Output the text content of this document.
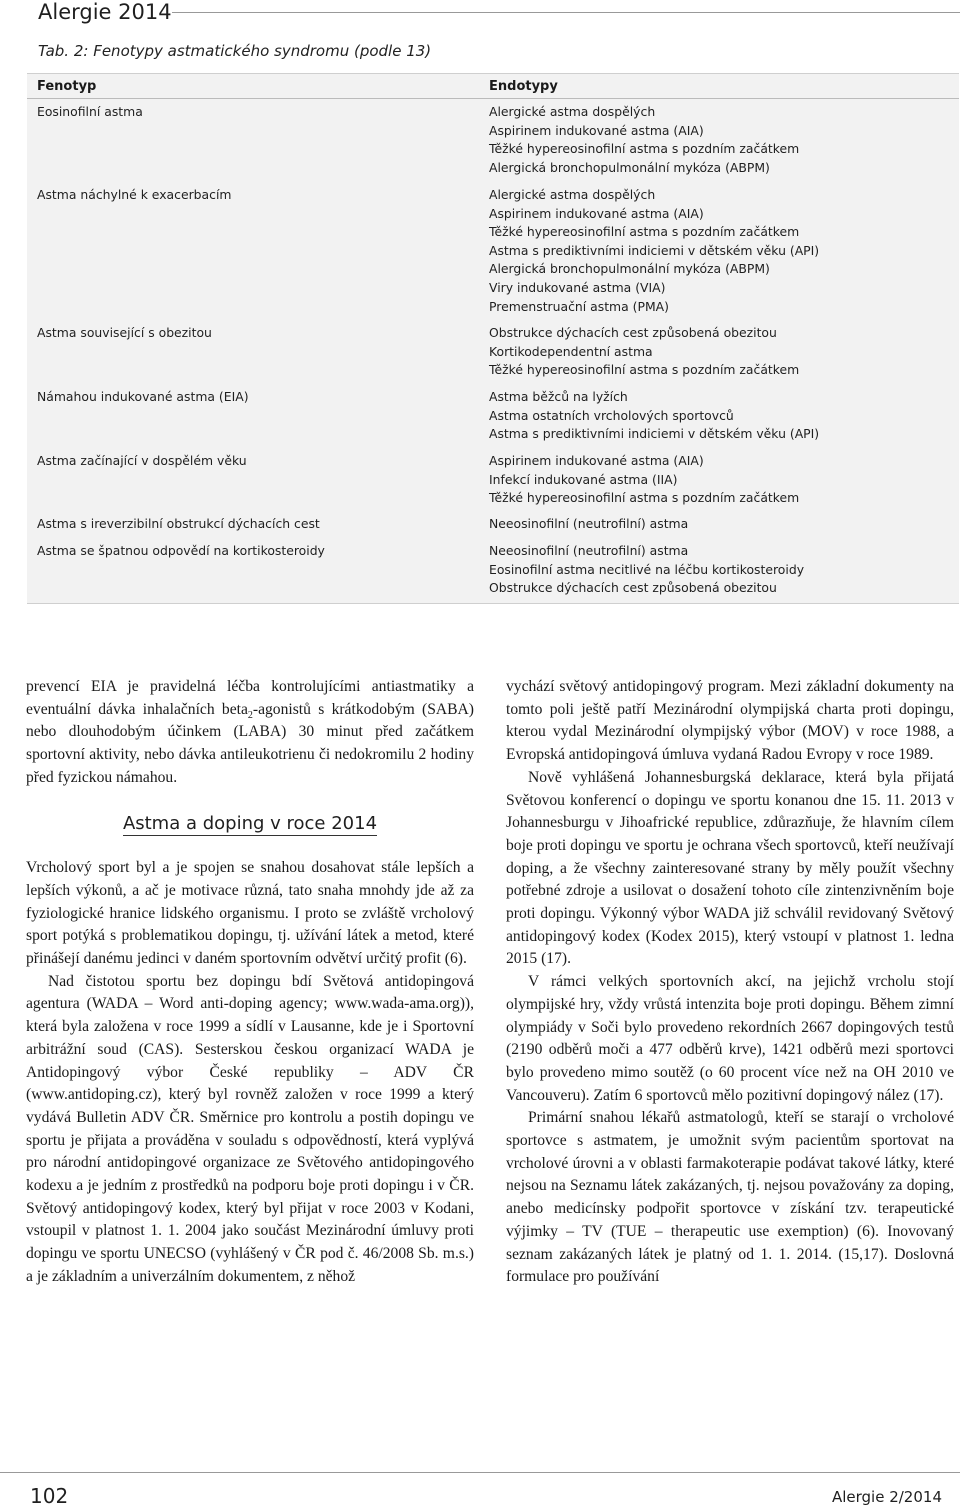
Alergie 2014
Tab. 2: Fenotypy astmatického syndromu (podle 13)
Fenotyp	Endotypy
Eosinofilní astma	Alergické astma dospělých
Aspirinem indukované astma (AIA)
Těžké hypereosinofilní astma s pozdním začátkem
Alergická bronchopulmonální mykóza (ABPM)
Astma náchylné k exacerbacím	Alergické astma dospělých
Aspirinem indukované astma (AIA)
Těžké hypereosinofilní astma s pozdním začátkem
Astma s prediktivními indiciemi v dětském věku (API)
Alergická bronchopulmonální mykóza (ABPM)
Viry indukované astma (VIA)
Premenstruační astma (PMA)
Astma související s obezitou	Obstrukce dýchacích cest způsobená obezitou
Kortikodependentní astma
Těžké hypereosinofilní astma s pozdním začátkem
Námahou indukované astma (EIA)	Astma běžců na lyžích
Astma ostatních vrcholových sportovců
Astma s prediktivními indiciemi v dětském věku (API)
Astma začínající v dospělém věku	Aspirinem indukované astma (AIA)
Infekcí indukované astma (IIA)
Těžké hypereosinofilní astma s pozdním začátkem
Astma s ireverzibilní obstrukcí dýchacích cest	Neeosinofilní (neutrofilní) astma
Astma se špatnou odpovědí na kortikosteroidy	Neeosinofilní (neutrofilní) astma
Eosinofilní astma necitlivé na léčbu kortikosteroidy
Obstrukce dýchacích cest způsobená obezitou

prevencí EIA je pravidelná léčba kontrolujícími antiastmatiky a eventuální dávka inhalačních beta$_2$-agonistů s krátkodobým (SABA) nebo dlouhodobým účinkem (LABA) 30 minut před začátkem sportovní aktivity, nebo dávka antileukotrienu či nedokromilu 2 hodiny před fyzickou námahou.

Astma a doping v roce 2014

Vrcholový sport byl a je spojen se snahou dosahovat stále lepších a lepších výkonů, a ač je motivace různá, tato snaha mnohdy jde až za fyziologické hranice lidského organismu. I proto se zvláště vrcholový sport potýká s problematikou dopingu, tj. užívání látek a metod, které přinášejí danému jedinci v daném sportovním odvětví určitý profit (6).

Nad čistotou sportu bez dopingu bdí Světová antidopingová agentura (WADA – Word anti-doping agency; www.wada-ama.org)), která byla založena v roce 1999 a sídlí v Lausanne, kde je i Sportovní arbitrážní soud (CAS). Sesterskou českou organizací WADA je Antidopingový výbor České republiky – ADV ČR (www.antidoping.cz), který byl rovněž založen v roce 1999 a který vydává Bulletin ADV ČR. Směrnice pro kontrolu a postih dopingu ve sportu je přijata a prováděna v souladu s odpovědností, která vyplývá pro národní antidopingové organizace ze Světového antidopingového kodexu a je jedním z prostředků na podporu boje proti dopingu i v ČR. Světový antidopingový kodex, který byl přijat v roce 2003 v Kodani, vstoupil v platnost 1. 1. 2004 jako součást Mezinárodní úmluvy proti dopingu ve sportu UNECSO (vyhlášený v ČR pod č. 46/2008 Sb. m.s.) a je základním a univerzálním dokumentem, z něhož

vychází světový antidopingový program. Mezi základní dokumenty na tomto poli ještě patří Mezinárodní olympijská charta proti dopingu, kterou vydal Mezinárodní olympijský výbor (MOV) v roce 1988, a Evropská antidopingová úmluva vydaná Radou Evropy v roce 1989.

Nově vyhlášená Johannesburgská deklarace, která byla přijatá Světovou konferencí o dopingu ve sportu konanou dne 15. 11. 2013 v Johannesburgu v Jihoafrické republice, zdůrazňuje, že hlavním cílem boje proti dopingu ve sportu je ochrana všech sportovců, kteří neužívají doping, a že všechny zainteresované strany by měly použít všechny potřebné zdroje a usilovat o dosažení tohoto cíle zintenzivněním boje proti dopingu. Výkonný výbor WADA již schválil revidovaný Světový antidopingový kodex (Kodex 2015), který vstoupí v platnost 1. ledna 2015 (17).

V rámci velkých sportovních akcí, na jejichž vrcholu stojí olympijské hry, vždy vrůstá intenzita boje proti dopingu. Během zimní olympiády v Soči bylo provedeno rekordních 2667 dopingových testů (2190 odběrů moči a 477 odběrů krve), 1421 odběrů mezi sportovci bylo provedeno mimo soutěž (o 60 procent více než na OH 2010 ve Vancouveru). Zatím 6 sportovců mělo pozitivní dopingový nález (17).

Primární snahou lékařů astmatologů, kteří se starají o vrcholové sportovce s astmatem, je umožnit svým pacientům sportovat na vrcholové úrovni a v oblasti farmakoterapie podávat takové látky, které nejsou na Seznamu látek zakázaných, tj. nejsou považovány za doping, anebo medicínsky podpořit sportovce v získání tzv. terapeutické výjimky – TV (TUE – therapeutic use exemption) (6). Inovovaný seznam zakázaných látek je platný od 1. 1. 2014. (15,17). Doslovná formulace pro používání

102	Alergie 2/2014
